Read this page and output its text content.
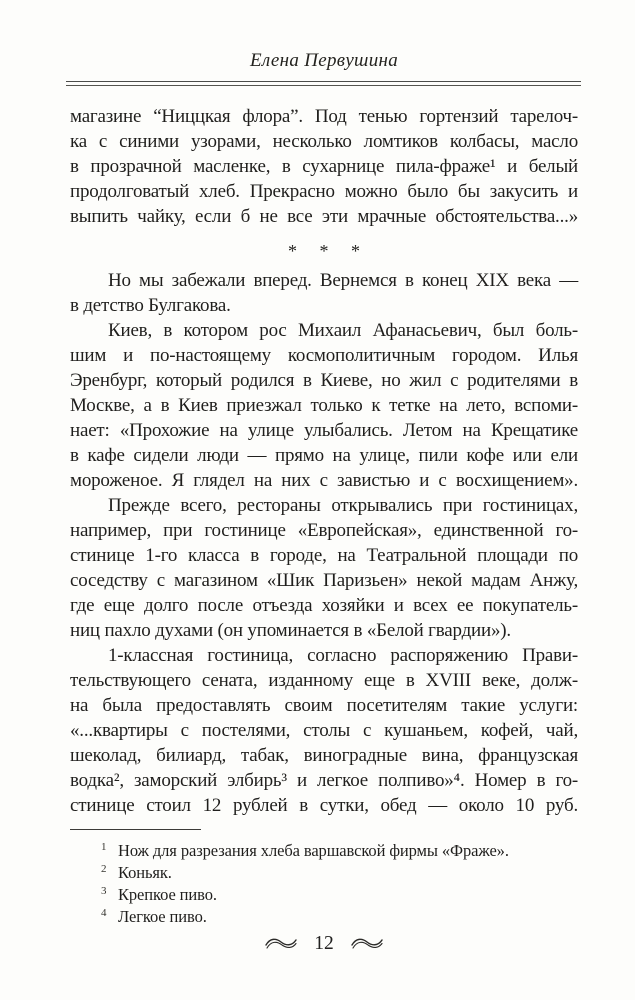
Елена Первушина
магазине “Ниццкая флора”. Под тенью гортензий тарелоч-
ка с синими узорами, несколько ломтиков колбасы, масло
в прозрачной масленке, в сухарнице пила-фраже¹ и белый
продолговатый хлеб. Прекрасно можно было бы закусить и
выпить чайку, если б не все эти мрачные обстоятельства...»
* * *
Но мы забежали вперед. Вернемся в конец XIX века —
в детство Булгакова.
Киев, в котором рос Михаил Афанасьевич, был боль-
шим и по-настоящему космополитичным городом. Илья
Эренбург, который родился в Киеве, но жил с родителями в
Москве, а в Киев приезжал только к тетке на лето, вспоми-
нает: «Прохожие на улице улыбались. Летом на Крещатике
в кафе сидели люди — прямо на улице, пили кофе или ели
мороженое. Я глядел на них с завистью и с восхищением».
Прежде всего, рестораны открывались при гостиницах,
например, при гостинице «Европейская», единственной го-
стинице 1-го класса в городе, на Театральной площади по
соседству с магазином «Шик Паризьен» некой мадам Анжу,
где еще долго после отъезда хозяйки и всех ее покупатель-
ниц пахло духами (он упоминается в «Белой гвардии»).
1-классная гостиница, согласно распоряжению Прави-
тельствующего сената, изданному еще в XVIII веке, долж-
на была предоставлять своим посетителям такие услуги:
«...квартиры с постелями, столы с кушаньем, кофей, чай,
шеколад, билиард, табак, виноградные вина, французская
водка², заморский элбирь³ и легкое полпиво»⁴. Номер в го-
стинице стоил 12 рублей в сутки, обед — около 10 руб.
1 Нож для разрезания хлеба варшавской фирмы «Фраже».
2 Коньяк.
3 Крепкое пиво.
4 Легкое пиво.
12
